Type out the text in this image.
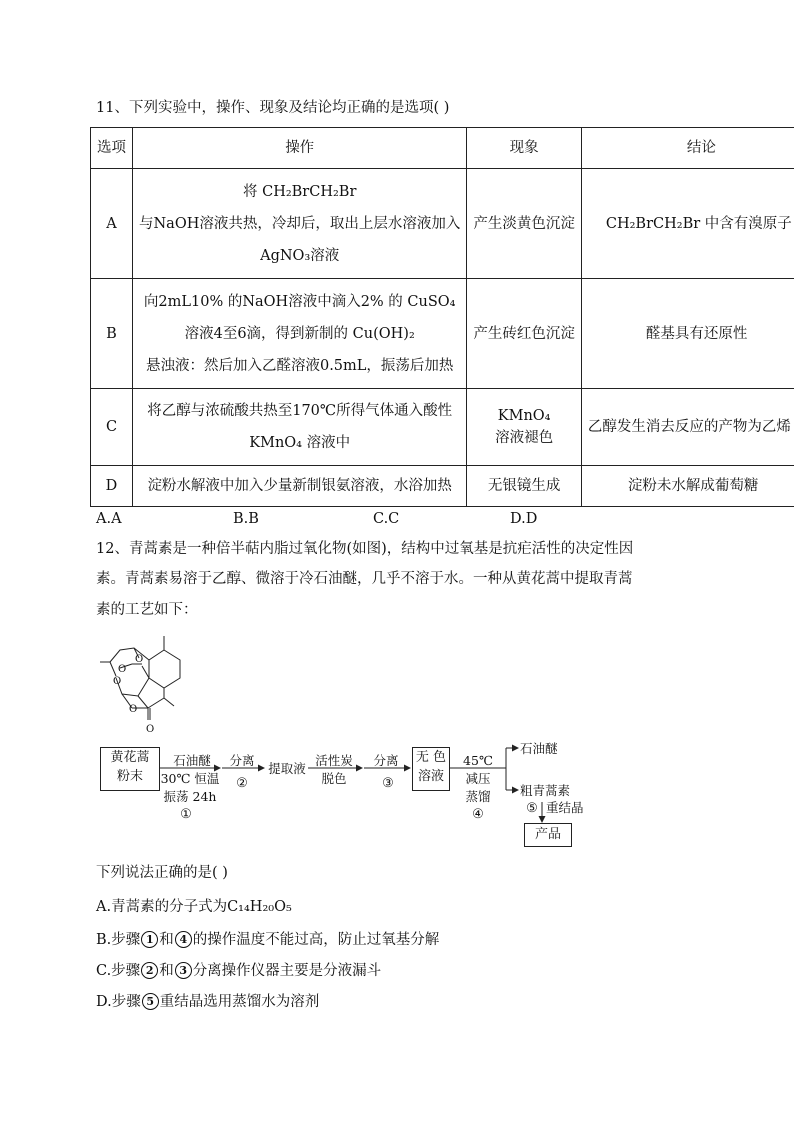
11、下列实验中，操作、现象及结论均正确的是选项( )
选项	操作	现象	结论
A	将 CH₂BrCH₂Br
与NaOH溶液共热，冷却后，取出上层水溶液加入
AgNO₃溶液	产生淡黄色沉淀	CH₂BrCH₂Br 中含有溴原子
B	向2mL10% 的NaOH溶液中滴入2% 的 CuSO₄
溶液4至6滴，得到新制的 Cu(OH)₂
悬浊液：然后加入乙醛溶液0.5mL，振荡后加热	产生砖红色沉淀	醛基具有还原性
C	将乙醇与浓硫酸共热至170℃所得气体通入酸性
KMnO₄ 溶液中	KMnO₄
溶液褪色	乙醇发生消去反应的产物为乙烯
D	淀粉水解液中加入少量新制银氨溶液，水浴加热	无银镜生成	淀粉未水解成葡萄糖
A.A	B.B	C.C	D.D
12、青蒿素是一种倍半萜内脂过氧化物(如图)，结构中过氧基是抗疟活性的决定性因
素。青蒿素易溶于乙醇、微溶于冷石油醚，几乎不溶于水。一种从黄花蒿中提取青蒿
素的工艺如下：
O
O
O
O
O
黄花蒿
粉末
石油醚
30℃ 恒温
振荡 24h
①
分离
②
提取液
活性炭
脱色
分离
③
无 色
溶液
45℃
减压
蒸馏
④
石油醚
粗青蒿素
⑤ 重结晶
产品
下列说法正确的是( )
A.青蒿素的分子式为C₁₄H₂₀O₅
B.步骤 1 和 4 的操作温度不能过高，防止过氧基分解
C.步骤 2 和 3 分离操作仪器主要是分液漏斗
D.步骤 5 重结晶选用蒸馏水为溶剂
